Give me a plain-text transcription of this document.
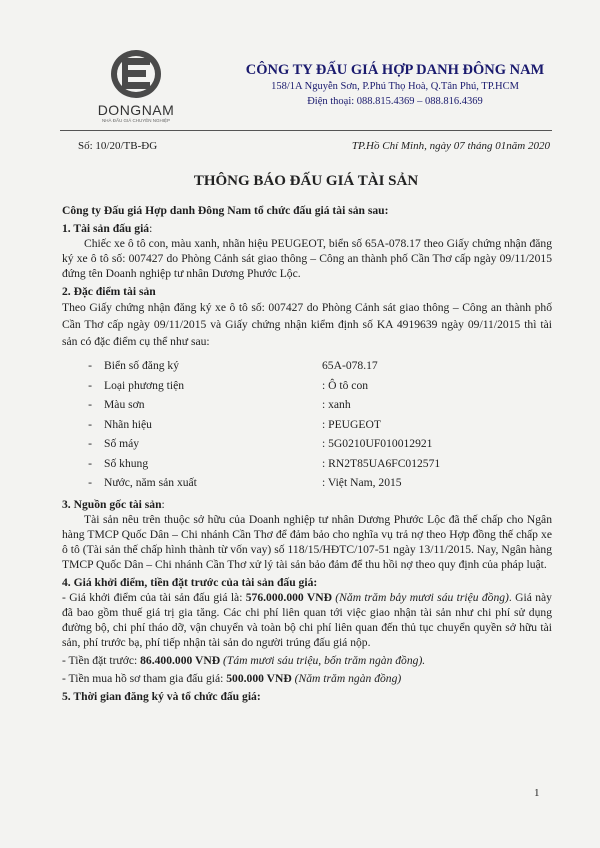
DONGNAM
NHÀ ĐẤU GIÁ CHUYÊN NGHIỆP
CÔNG TY ĐẤU GIÁ HỢP DANH ĐÔNG NAM
158/1A Nguyễn Sơn, P.Phú Thọ Hoà, Q.Tân Phú, TP.HCM
Điện thoại: 088.815.4369 – 088.816.4369
Số: 10/20/TB-ĐG	TP.Hồ Chí Minh, ngày 07 tháng 01năm 2020
THÔNG BÁO ĐẤU GIÁ TÀI SẢN

Công ty Đấu giá Hợp danh Đông Nam tổ chức đấu giá tài sản sau:

1. Tài sản đấu giá:

Chiếc xe ô tô con, màu xanh, nhãn hiệu PEUGEOT, biển số 65A-078.17 theo Giấy chứng nhận đăng ký xe ô tô số: 007427 do Phòng Cảnh sát giao thông – Công an thành phố Cần Thơ cấp ngày 09/11/2015 đứng tên Doanh nghiệp tư nhân Dương Phước Lộc.

2. Đặc điểm tài sản

Theo Giấy chứng nhận đăng ký xe ô tô số: 007427 do Phòng Cảnh sát giao thông – Công an thành phố Cần Thơ cấp ngày 09/11/2015 và Giấy chứng nhận kiểm định số KA 4919639 ngày 09/11/2015 thì tài sản có đặc điểm cụ thể như sau:

-	Biển số đăng ký	65A-078.17
-	Loại phương tiện	: Ô tô con
-	Màu sơn	: xanh
-	Nhãn hiệu	: PEUGEOT
-	Số máy	: 5G0210UF010012921
-	Số khung	: RN2T85UA6FC012571
-	Nước, năm sản xuất	: Việt Nam, 2015

3. Nguồn gốc tài sản:

Tài sản nêu trên thuộc sở hữu của Doanh nghiệp tư nhân Dương Phước Lộc đã thế chấp cho Ngân hàng TMCP Quốc Dân – Chi nhánh Cần Thơ để đảm bảo cho nghĩa vụ trả nợ theo Hợp đồng thế chấp xe ô tô (Tài sản thế chấp hình thành từ vốn vay) số 118/15/HĐTC/107-51 ngày 13/11/2015. Nay, Ngân hàng TMCP Quốc Dân – Chi nhánh Cần Thơ xử lý tài sản bảo đảm để thu hồi nợ theo quy định của pháp luật.

4. Giá khởi điểm, tiền đặt trước của tài sản đấu giá:

- Giá khởi điểm của tài sản đấu giá là: 576.000.000 VNĐ (Năm trăm bảy mươi sáu triệu đồng). Giá này đã bao gồm thuế giá trị gia tăng. Các chi phí liên quan tới việc giao nhận tài sản như chi phí sử dụng đường bộ, chi phí tháo dỡ, vận chuyển và toàn bộ chi phí liên quan đến thủ tục chuyển quyền sở hữu tài sản, phí trước bạ, phí tiếp nhận tài sản do người trúng đấu giá nộp.

- Tiền đặt trước: 86.400.000 VNĐ (Tám mươi sáu triệu, bốn trăm ngàn đồng).

- Tiền mua hồ sơ tham gia đấu giá: 500.000 VNĐ (Năm trăm ngàn đồng)

5. Thời gian đăng ký và tổ chức đấu giá:

1
